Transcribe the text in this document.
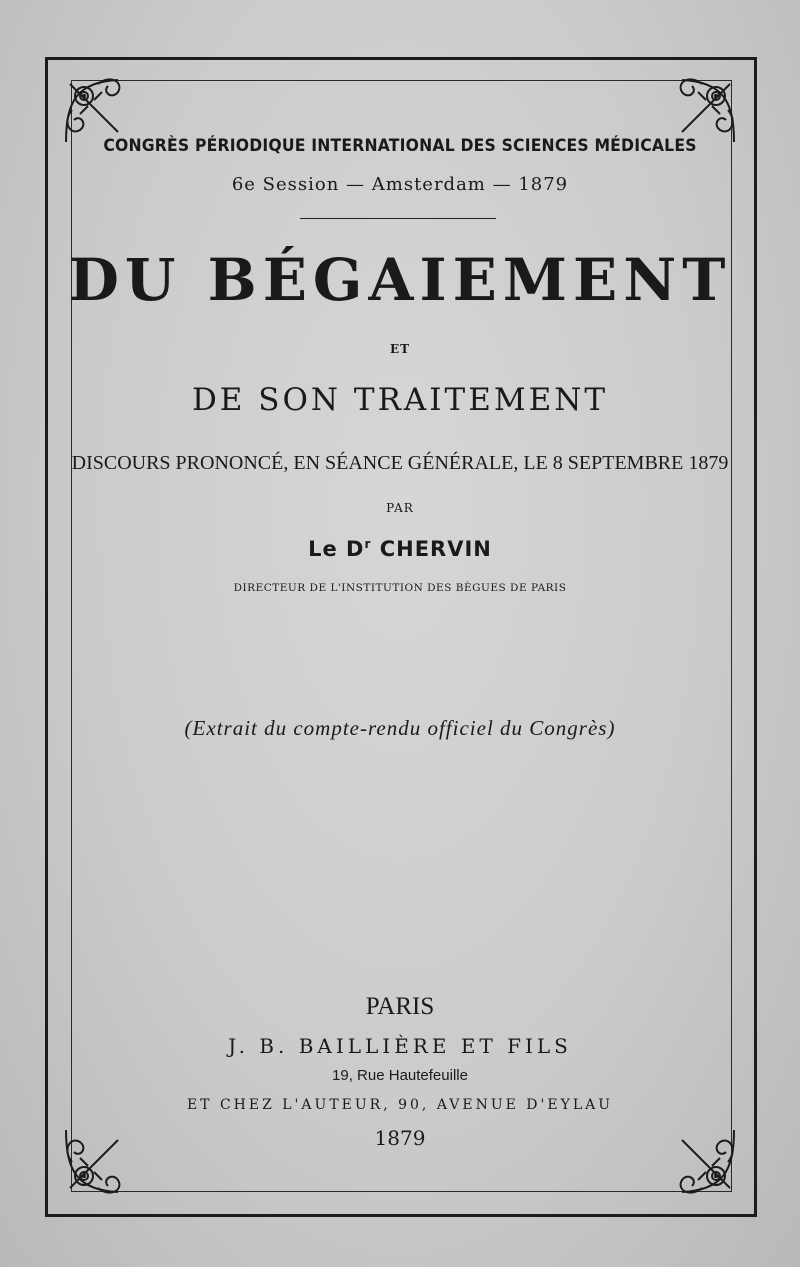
CONGRÈS PÉRIODIQUE INTERNATIONAL DES SCIENCES MÉDICALES
6e Session — Amsterdam — 1879
DU BÉGAIEMENT
ET
DE SON TRAITEMENT
DISCOURS PRONONCÉ, EN SÉANCE GÉNÉRALE, LE 8 SEPTEMBRE 1879
PAR
Le $D^r$ CHERVIN
DIRECTEUR DE L'INSTITUTION DES BÈGUES DE PARIS
(Extrait du compte-rendu officiel du Congrès)
PARIS
J. B. BAILLIÈRE ET FILS
19, Rue Hautefeuille
ET CHEZ L'AUTEUR, 90, AVENUE D'EYLAU
1879
